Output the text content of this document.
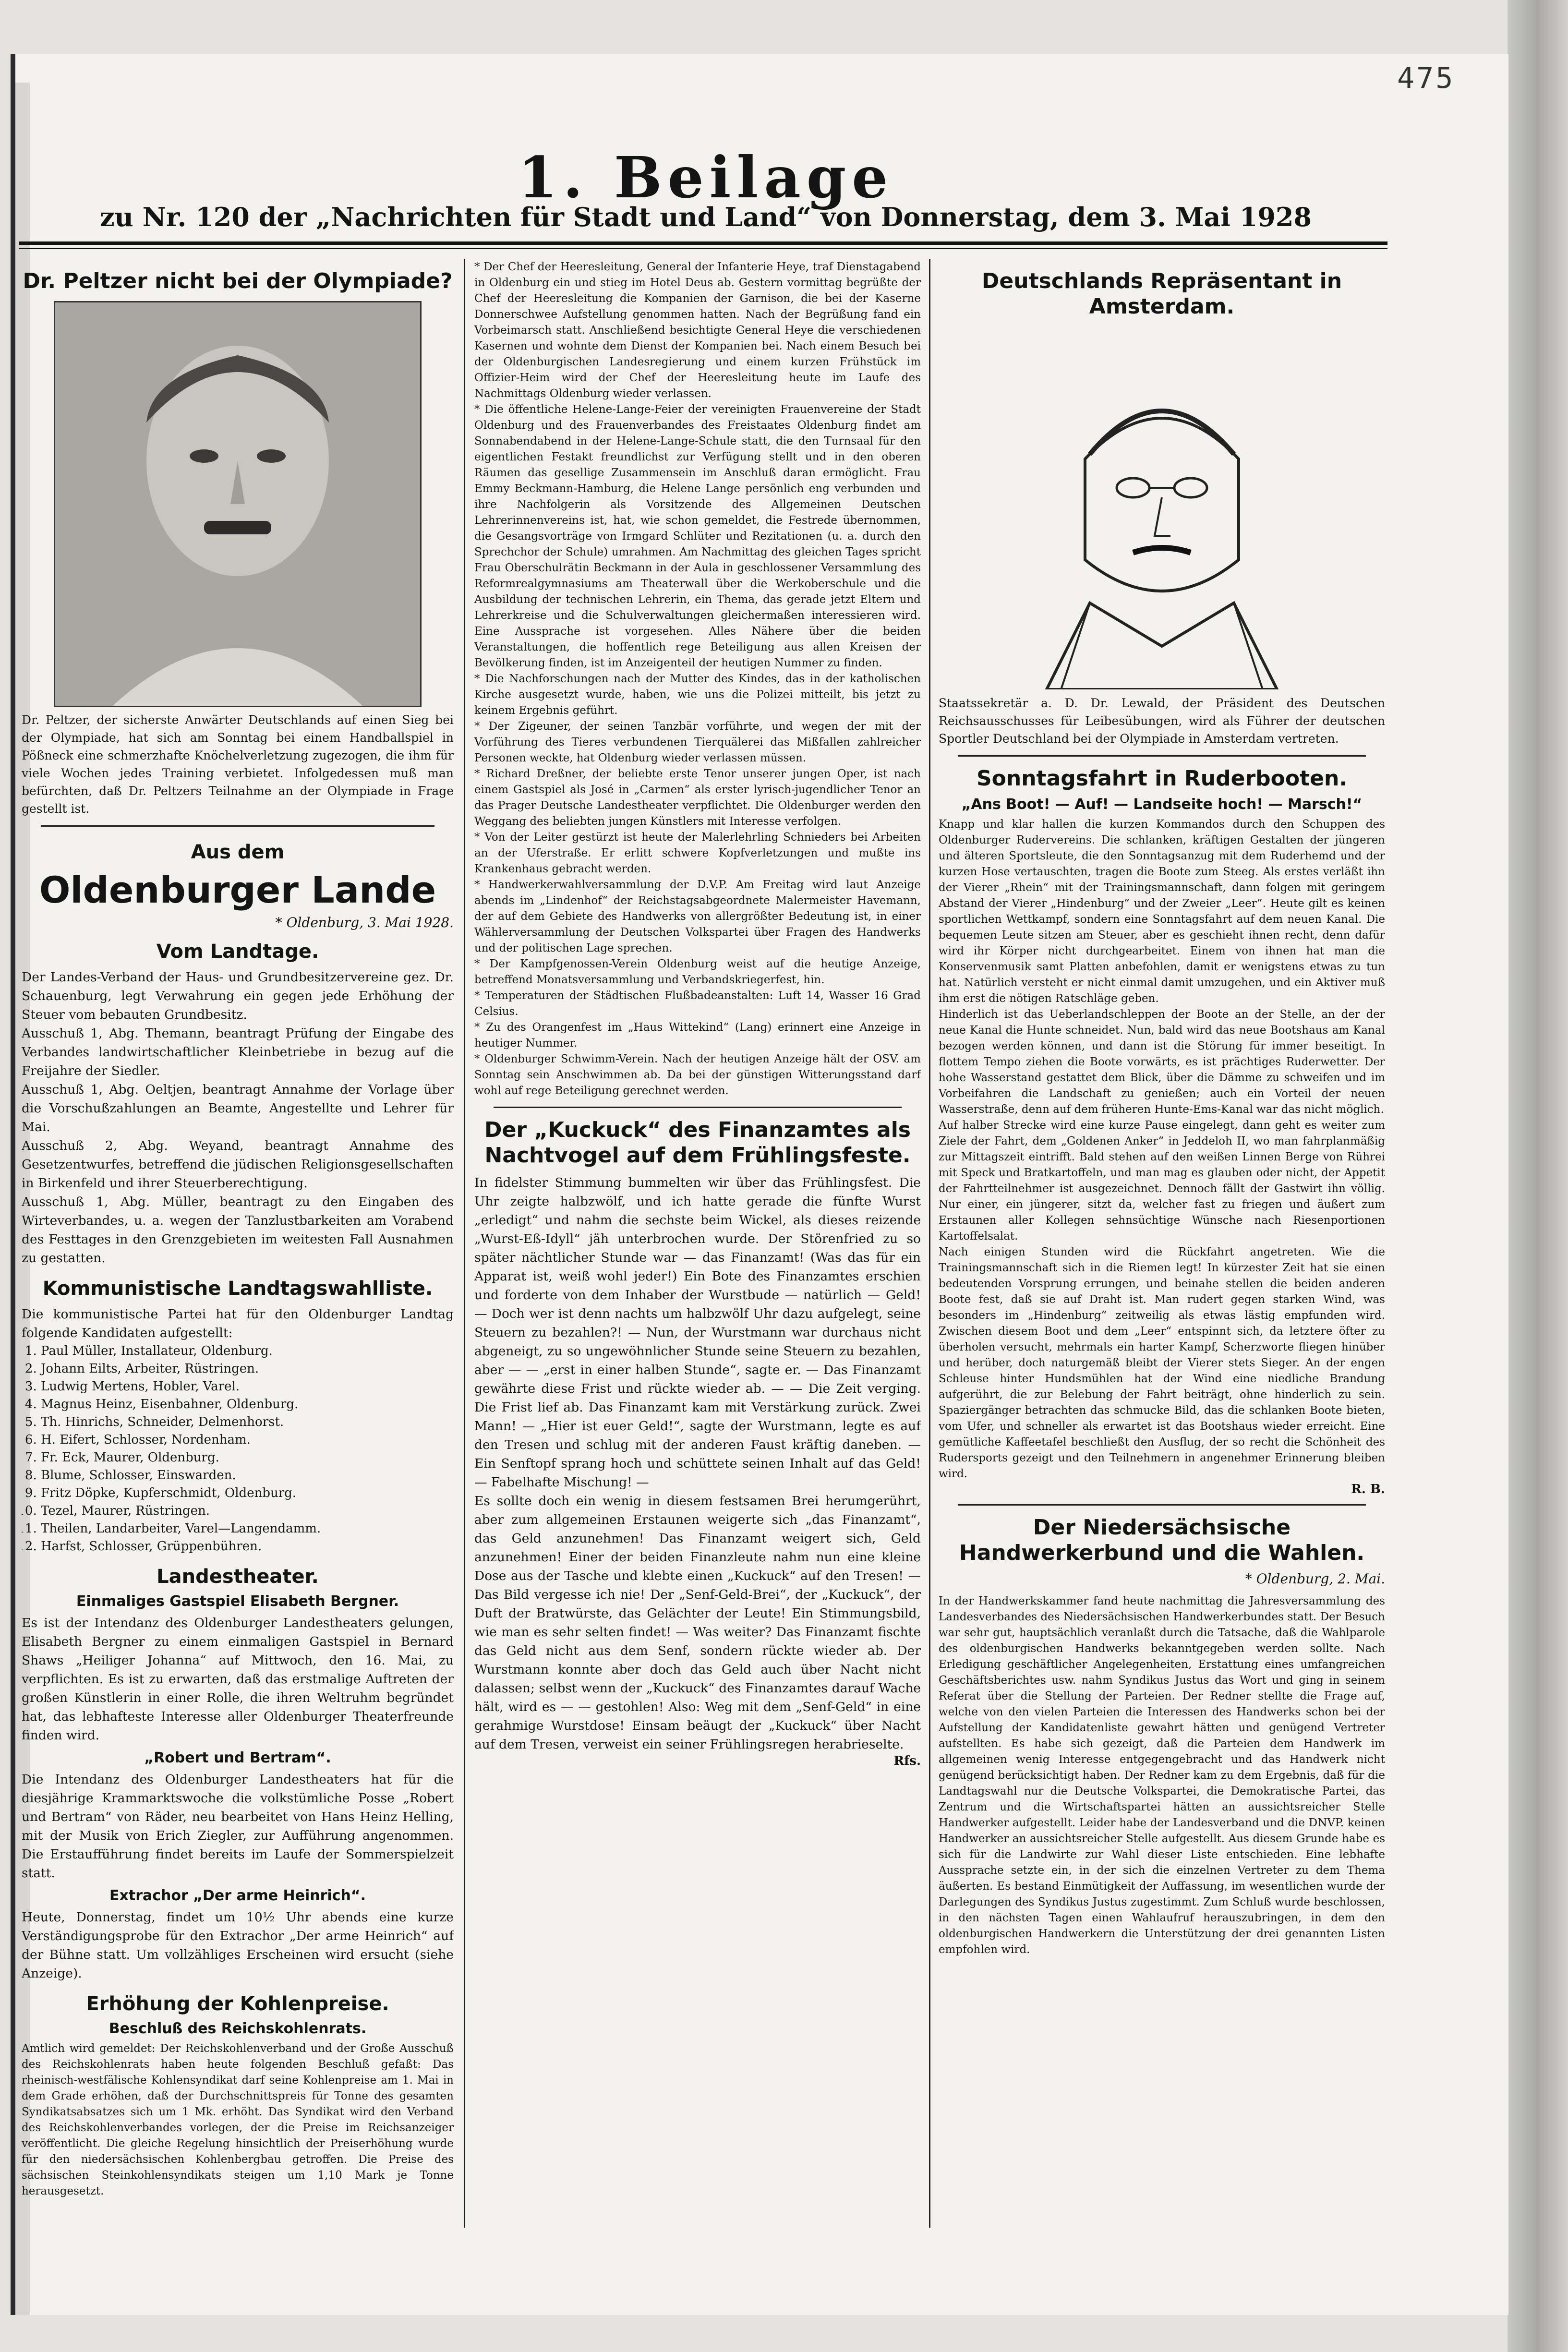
475
1. Beilage
zu Nr. 120 der „Nachrichten für Stadt und Land“ von Donnerstag, dem 3. Mai 1928
Dr. Peltzer nicht bei der Olympiade?

Dr. Peltzer, der sicherste Anwärter Deutschlands auf einen Sieg bei der Olympiade, hat sich am Sonntag bei einem Handballspiel in Pößneck eine schmerzhafte Knöchelverletzung zugezogen, die ihm für viele Wochen jedes Training verbietet. Infolgedessen muß man befürchten, daß Dr. Peltzers Teilnahme an der Olympiade in Frage gestellt ist.

Aus dem
Oldenburger Lande
* Oldenburg, 3. Mai 1928.
Vom Landtage.

Der Landes-Verband der Haus- und Grundbesitzervereine gez. Dr. Schauenburg, legt Verwahrung ein gegen jede Erhöhung der Steuer vom bebauten Grundbesitz.

Ausschuß 1, Abg. Themann, beantragt Prüfung der Eingabe des Verbandes landwirtschaftlicher Kleinbetriebe in bezug auf die Freijahre der Siedler.

Ausschuß 1, Abg. Oeltjen, beantragt Annahme der Vorlage über die Vorschußzahlungen an Beamte, Angestellte und Lehrer für Mai.

Ausschuß 2, Abg. Weyand, beantragt Annahme des Gesetzentwurfes, betreffend die jüdischen Religionsgesellschaften in Birkenfeld und ihrer Steuerberechtigung.

Ausschuß 1, Abg. Müller, beantragt zu den Eingaben des Wirteverbandes, u. a. wegen der Tanzlustbarkeiten am Vorabend des Festtages in den Grenzgebieten im weitesten Fall Ausnahmen zu gestatten.

Kommunistische Landtagswahlliste.

Die kommunistische Partei hat für den Oldenburger Landtag folgende Kandidaten aufgestellt:

1. Paul Müller, Installateur, Oldenburg.
2. Johann Eilts, Arbeiter, Rüstringen.
3. Ludwig Mertens, Hobler, Varel.
4. Magnus Heinz, Eisenbahner, Oldenburg.
5. Th. Hinrichs, Schneider, Delmenhorst.
6. H. Eifert, Schlosser, Nordenham.
7. Fr. Eck, Maurer, Oldenburg.
8. Blume, Schlosser, Einswarden.
9. Fritz Döpke, Kupferschmidt, Oldenburg.
10. Tezel, Maurer, Rüstringen.
11. Theilen, Landarbeiter, Varel—Langendamm.
12. Harfst, Schlosser, Grüppenbühren.
Landestheater.
Einmaliges Gastspiel Elisabeth Bergner.

Es ist der Intendanz des Oldenburger Landestheaters gelungen, Elisabeth Bergner zu einem einmaligen Gastspiel in Bernard Shaws „Heiliger Johanna“ auf Mittwoch, den 16. Mai, zu verpflichten. Es ist zu erwarten, daß das erstmalige Auftreten der großen Künstlerin in einer Rolle, die ihren Weltruhm begründet hat, das lebhafteste Interesse aller Oldenburger Theaterfreunde finden wird.

„Robert und Bertram“.

Die Intendanz des Oldenburger Landestheaters hat für die diesjährige Krammarktswoche die volkstümliche Posse „Robert und Bertram“ von Räder, neu bearbeitet von Hans Heinz Helling, mit der Musik von Erich Ziegler, zur Aufführung angenommen. Die Erstaufführung findet bereits im Laufe der Sommerspielzeit statt.

Extrachor „Der arme Heinrich“.

Heute, Donnerstag, findet um 10½ Uhr abends eine kurze Verständigungsprobe für den Extrachor „Der arme Heinrich“ auf der Bühne statt. Um vollzähliges Erscheinen wird ersucht (siehe Anzeige).

Erhöhung der Kohlenpreise.
Beschluß des Reichskohlenrats.

Amtlich wird gemeldet: Der Reichskohlenverband und der Große Ausschuß des Reichskohlenrats haben heute folgenden Beschluß gefaßt: Das rheinisch-westfälische Kohlensyndikat darf seine Kohlenpreise am 1. Mai in dem Grade erhöhen, daß der Durchschnittspreis für Tonne des gesamten Syndikatsabsatzes sich um 1 Mk. erhöht. Das Syndikat wird den Verband des Reichskohlenverbandes vorlegen, der die Preise im Reichsanzeiger veröffentlicht. Die gleiche Regelung hinsichtlich der Preiserhöhung wurde für den niedersächsischen Kohlenbergbau getroffen. Die Preise des sächsischen Steinkohlensyndikats steigen um 1,10 Mark je Tonne herausgesetzt.

* Der Chef der Heeresleitung, General der Infanterie Heye, traf Dienstagabend in Oldenburg ein und stieg im Hotel Deus ab. Gestern vormittag begrüßte der Chef der Heeresleitung die Kompanien der Garnison, die bei der Kaserne Donnerschwee Aufstellung genommen hatten. Nach der Begrüßung fand ein Vorbeimarsch statt. Anschließend besichtigte General Heye die verschiedenen Kasernen und wohnte dem Dienst der Kompanien bei. Nach einem Besuch bei der Oldenburgischen Landesregierung und einem kurzen Frühstück im Offizier-Heim wird der Chef der Heeresleitung heute im Laufe des Nachmittags Oldenburg wieder verlassen.

* Die öffentliche Helene-Lange-Feier der vereinigten Frauenvereine der Stadt Oldenburg und des Frauenverbandes des Freistaates Oldenburg findet am Sonnabendabend in der Helene-Lange-Schule statt, die den Turnsaal für den eigentlichen Festakt freundlichst zur Verfügung stellt und in den oberen Räumen das gesellige Zusammensein im Anschluß daran ermöglicht. Frau Emmy Beckmann-Hamburg, die Helene Lange persönlich eng verbunden und ihre Nachfolgerin als Vorsitzende des Allgemeinen Deutschen Lehrerinnenvereins ist, hat, wie schon gemeldet, die Festrede übernommen, die Gesangsvorträge von Irmgard Schlüter und Rezitationen (u. a. durch den Sprechchor der Schule) umrahmen. Am Nachmittag des gleichen Tages spricht Frau Oberschulrätin Beckmann in der Aula in geschlossener Versammlung des Reformrealgymnasiums am Theaterwall über die Werkoberschule und die Ausbildung der technischen Lehrerin, ein Thema, das gerade jetzt Eltern und Lehrerkreise und die Schulverwaltungen gleichermaßen interessieren wird. Eine Aussprache ist vorgesehen. Alles Nähere über die beiden Veranstaltungen, die hoffentlich rege Beteiligung aus allen Kreisen der Bevölkerung finden, ist im Anzeigenteil der heutigen Nummer zu finden.

* Die Nachforschungen nach der Mutter des Kindes, das in der katholischen Kirche ausgesetzt wurde, haben, wie uns die Polizei mitteilt, bis jetzt zu keinem Ergebnis geführt.

* Der Zigeuner, der seinen Tanzbär vorführte, und wegen der mit der Vorführung des Tieres verbundenen Tierquälerei das Mißfallen zahlreicher Personen weckte, hat Oldenburg wieder verlassen müssen.

* Richard Dreßner, der beliebte erste Tenor unserer jungen Oper, ist nach einem Gastspiel als José in „Carmen“ als erster lyrisch-jugendlicher Tenor an das Prager Deutsche Landestheater verpflichtet. Die Oldenburger werden den Weggang des beliebten jungen Künstlers mit Interesse verfolgen.

* Von der Leiter gestürzt ist heute der Malerlehrling Schnieders bei Arbeiten an der Uferstraße. Er erlitt schwere Kopfverletzungen und mußte ins Krankenhaus gebracht werden.

* Handwerkerwahlversammlung der D.V.P. Am Freitag wird laut Anzeige abends im „Lindenhof“ der Reichstagsabgeordnete Malermeister Havemann, der auf dem Gebiete des Handwerks von allergrößter Bedeutung ist, in einer Wählerversammlung der Deutschen Volkspartei über Fragen des Handwerks und der politischen Lage sprechen.

* Der Kampfgenossen-Verein Oldenburg weist auf die heutige Anzeige, betreffend Monatsversammlung und Verbandskriegerfest, hin.

* Temperaturen der Städtischen Flußbadeanstalten: Luft 14, Wasser 16 Grad Celsius.

* Zu des Orangenfest im „Haus Wittekind“ (Lang) erinnert eine Anzeige in heutiger Nummer.

* Oldenburger Schwimm-Verein. Nach der heutigen Anzeige hält der OSV. am Sonntag sein Anschwimmen ab. Da bei der günstigen Witterungsstand darf wohl auf rege Beteiligung gerechnet werden.

Der „Kuckuck“ des Finanzamtes als Nachtvogel auf dem Frühlingsfeste.

In fidelster Stimmung bummelten wir über das Frühlingsfest. Die Uhr zeigte halbzwölf, und ich hatte gerade die fünfte Wurst „erledigt“ und nahm die sechste beim Wickel, als dieses reizende „Wurst-Eß-Idyll“ jäh unterbrochen wurde. Der Störenfried zu so später nächtlicher Stunde war — das Finanzamt! (Was das für ein Apparat ist, weiß wohl jeder!) Ein Bote des Finanzamtes erschien und forderte von dem Inhaber der Wurstbude — natürlich — Geld! — Doch wer ist denn nachts um halbzwölf Uhr dazu aufgelegt, seine Steuern zu bezahlen?! — Nun, der Wurstmann war durchaus nicht abgeneigt, zu so ungewöhnlicher Stunde seine Steuern zu bezahlen, aber — — „erst in einer halben Stunde“, sagte er. — Das Finanzamt gewährte diese Frist und rückte wieder ab. — — Die Zeit verging. Die Frist lief ab. Das Finanzamt kam mit Verstärkung zurück. Zwei Mann! — „Hier ist euer Geld!“, sagte der Wurstmann, legte es auf den Tresen und schlug mit der anderen Faust kräftig daneben. — Ein Senftopf sprang hoch und schüttete seinen Inhalt auf das Geld! — Fabelhafte Mischung! —

Es sollte doch ein wenig in diesem festsamen Brei herumgerührt, aber zum allgemeinen Erstaunen weigerte sich „das Finanzamt“, das Geld anzunehmen! Das Finanzamt weigert sich, Geld anzunehmen! Einer der beiden Finanzleute nahm nun eine kleine Dose aus der Tasche und klebte einen „Kuckuck“ auf den Tresen! — Das Bild vergesse ich nie! Der „Senf-Geld-Brei“, der „Kuckuck“, der Duft der Bratwürste, das Gelächter der Leute! Ein Stimmungsbild, wie man es sehr selten findet! — Was weiter? Das Finanzamt fischte das Geld nicht aus dem Senf, sondern rückte wieder ab. Der Wurstmann konnte aber doch das Geld auch über Nacht nicht dalassen; selbst wenn der „Kuckuck“ des Finanzamtes darauf Wache hält, wird es — — gestohlen! Also: Weg mit dem „Senf-Geld“ in eine gerahmige Wurstdose! Einsam beäugt der „Kuckuck“ über Nacht auf dem Tresen, verweist ein seiner Frühlingsregen herabrieselte.

Rfs.
Deutschlands Repräsentant in Amsterdam.

Staatssekretär a. D. Dr. Lewald, der Präsident des Deutschen Reichsausschusses für Leibesübungen, wird als Führer der deutschen Sportler Deutschland bei der Olympiade in Amsterdam vertreten.

Sonntagsfahrt in Ruderbooten.
„Ans Boot! — Auf! — Landseite hoch! — Marsch!“

Knapp und klar hallen die kurzen Kommandos durch den Schuppen des Oldenburger Rudervereins. Die schlanken, kräftigen Gestalten der jüngeren und älteren Sportsleute, die den Sonntagsanzug mit dem Ruderhemd und der kurzen Hose vertauschten, tragen die Boote zum Steeg. Als erstes verläßt ihn der Vierer „Rhein“ mit der Trainingsmannschaft, dann folgen mit geringem Abstand der Vierer „Hindenburg“ und der Zweier „Leer“. Heute gilt es keinen sportlichen Wettkampf, sondern eine Sonntagsfahrt auf dem neuen Kanal. Die bequemen Leute sitzen am Steuer, aber es geschieht ihnen recht, denn dafür wird ihr Körper nicht durchgearbeitet. Einem von ihnen hat man die Konservenmusik samt Platten anbefohlen, damit er wenigstens etwas zu tun hat. Natürlich versteht er nicht einmal damit umzugehen, und ein Aktiver muß ihm erst die nötigen Ratschläge geben.

Hinderlich ist das Ueberlandschleppen der Boote an der Stelle, an der der neue Kanal die Hunte schneidet. Nun, bald wird das neue Bootshaus am Kanal bezogen werden können, und dann ist die Störung für immer beseitigt. In flottem Tempo ziehen die Boote vorwärts, es ist prächtiges Ruderwetter. Der hohe Wasserstand gestattet dem Blick, über die Dämme zu schweifen und im Vorbeifahren die Landschaft zu genießen; auch ein Vorteil der neuen Wasserstraße, denn auf dem früheren Hunte-Ems-Kanal war das nicht möglich.

Auf halber Strecke wird eine kurze Pause eingelegt, dann geht es weiter zum Ziele der Fahrt, dem „Goldenen Anker“ in Jeddeloh II, wo man fahrplanmäßig zur Mittagszeit eintrifft. Bald stehen auf den weißen Linnen Berge von Rührei mit Speck und Bratkartoffeln, und man mag es glauben oder nicht, der Appetit der Fahrtteilnehmer ist ausgezeichnet. Dennoch fällt der Gastwirt ihn völlig. Nur einer, ein jüngerer, sitzt da, welcher fast zu friegen und äußert zum Erstaunen aller Kollegen sehnsüchtige Wünsche nach Riesenportionen Kartoffelsalat.

Nach einigen Stunden wird die Rückfahrt angetreten. Wie die Trainingsmannschaft sich in die Riemen legt! In kürzester Zeit hat sie einen bedeutenden Vorsprung errungen, und beinahe stellen die beiden anderen Boote fest, daß sie auf Draht ist. Man rudert gegen starken Wind, was besonders im „Hindenburg“ zeitweilig als etwas lästig empfunden wird. Zwischen diesem Boot und dem „Leer“ entspinnt sich, da letztere öfter zu überholen versucht, mehrmals ein harter Kampf, Scherzworte fliegen hinüber und herüber, doch naturgemäß bleibt der Vierer stets Sieger. An der engen Schleuse hinter Hundsmühlen hat der Wind eine niedliche Brandung aufgerührt, die zur Belebung der Fahrt beiträgt, ohne hinderlich zu sein. Spaziergänger betrachten das schmucke Bild, das die schlanken Boote bieten, vom Ufer, und schneller als erwartet ist das Bootshaus wieder erreicht. Eine gemütliche Kaffeetafel beschließt den Ausflug, der so recht die Schönheit des Rudersports gezeigt und den Teilnehmern in angenehmer Erinnerung bleiben wird.

R. B.
Der Niedersächsische Handwerkerbund und die Wahlen.
* Oldenburg, 2. Mai.

In der Handwerkskammer fand heute nachmittag die Jahresversammlung des Landesverbandes des Niedersächsischen Handwerkerbundes statt. Der Besuch war sehr gut, hauptsächlich veranlaßt durch die Tatsache, daß die Wahlparole des oldenburgischen Handwerks bekanntgegeben werden sollte. Nach Erledigung geschäftlicher Angelegenheiten, Erstattung eines umfangreichen Geschäftsberichtes usw. nahm Syndikus Justus das Wort und ging in seinem Referat über die Stellung der Parteien. Der Redner stellte die Frage auf, welche von den vielen Parteien die Interessen des Handwerks schon bei der Aufstellung der Kandidatenliste gewahrt hätten und genügend Vertreter aufstellten. Es habe sich gezeigt, daß die Parteien dem Handwerk im allgemeinen wenig Interesse entgegengebracht und das Handwerk nicht genügend berücksichtigt haben. Der Redner kam zu dem Ergebnis, daß für die Landtagswahl nur die Deutsche Volkspartei, die Demokratische Partei, das Zentrum und die Wirtschaftspartei hätten an aussichtsreicher Stelle Handwerker aufgestellt. Leider habe der Landesverband und die DNVP. keinen Handwerker an aussichtsreicher Stelle aufgestellt. Aus diesem Grunde habe es sich für die Landwirte zur Wahl dieser Liste entschieden. Eine lebhafte Aussprache setzte ein, in der sich die einzelnen Vertreter zu dem Thema äußerten. Es bestand Einmütigkeit der Auffassung, im wesentlichen wurde der Darlegungen des Syndikus Justus zugestimmt. Zum Schluß wurde beschlossen, in den nächsten Tagen einen Wahlaufruf herauszubringen, in dem den oldenburgischen Handwerkern die Unterstützung der drei genannten Listen empfohlen wird.
